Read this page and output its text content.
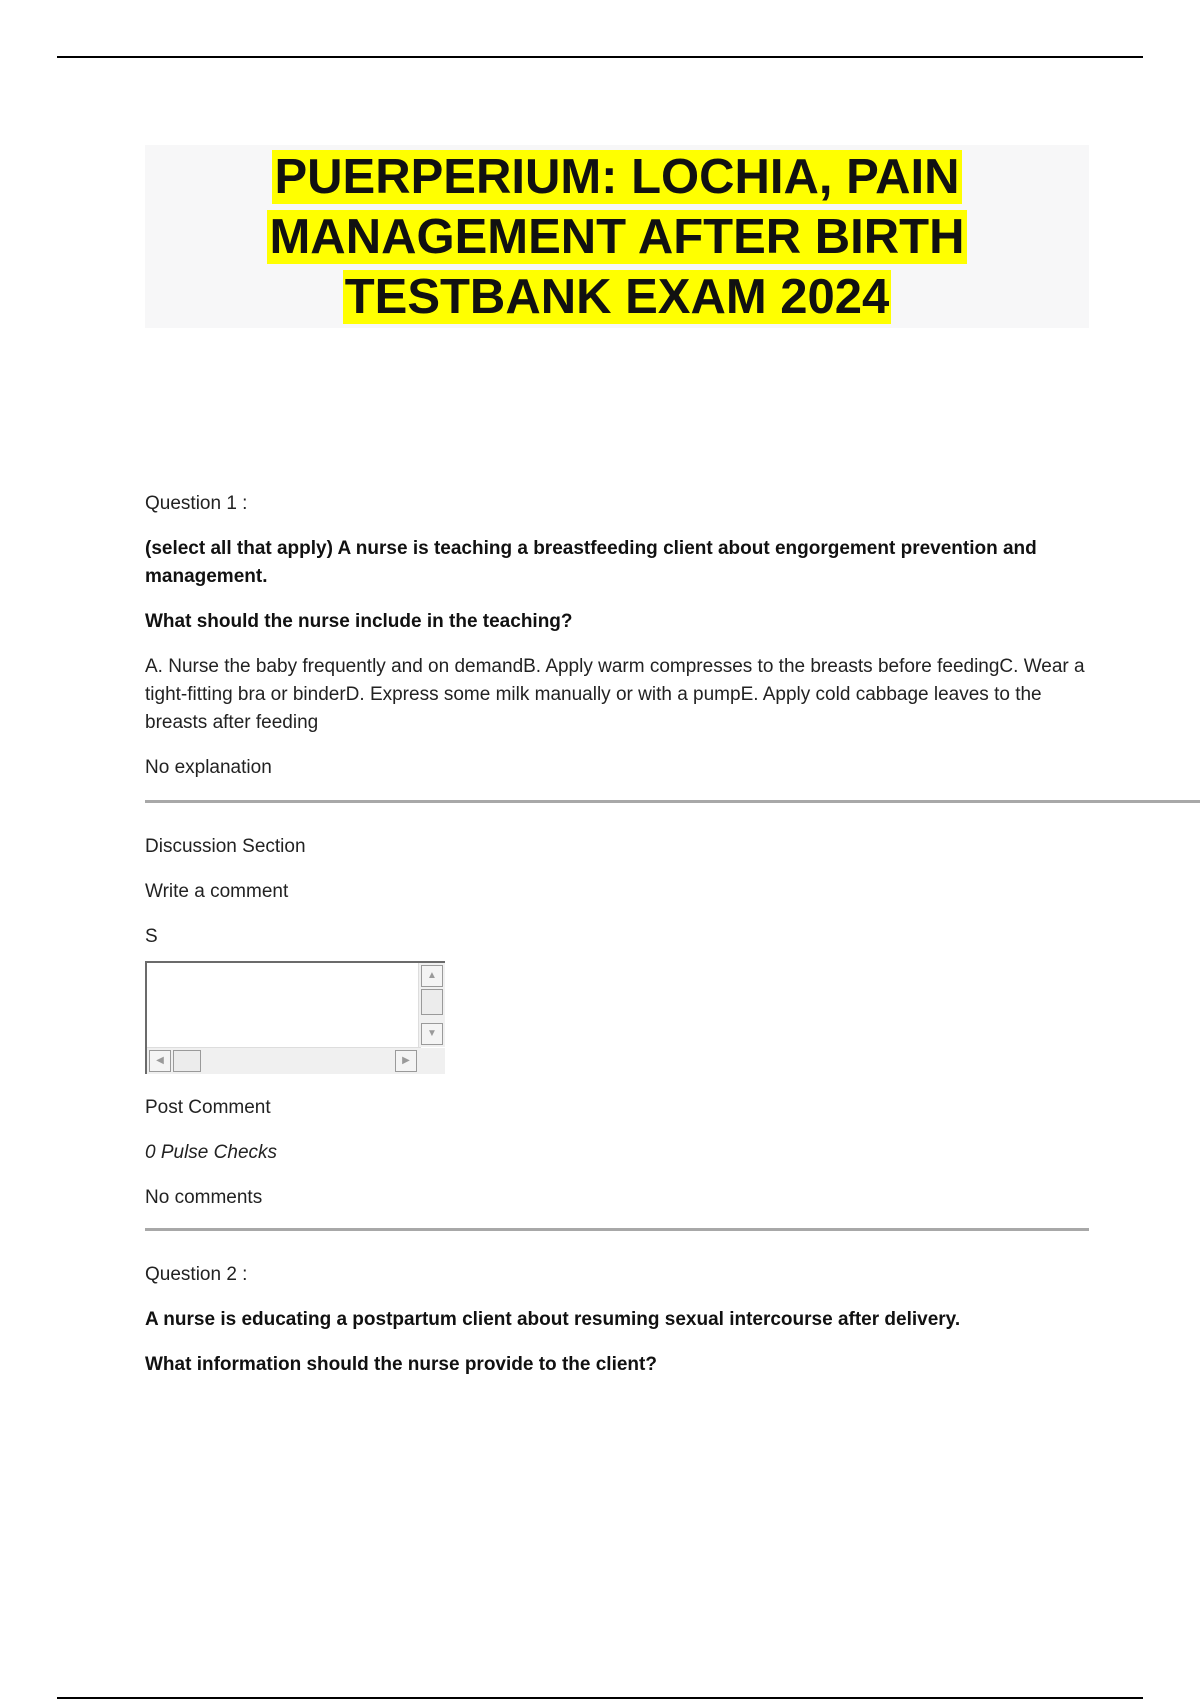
PUERPERIUM: LOCHIA, PAIN
MANAGEMENT AFTER BIRTH
TESTBANK EXAM 2024
Question 1 :
(select all that apply) A nurse is teaching a breastfeeding client about engorgement prevention and management.
What should the nurse include in the teaching?
A. Nurse the baby frequently and on demandB. Apply warm compresses to the breasts before feedingC. Wear a tight-fitting bra or binderD. Express some milk manually or with a pumpE. Apply cold cabbage leaves to the breasts after feeding
No explanation
Discussion Section
Write a comment
S
▲
▼
◀	▶
Post Comment
0 Pulse Checks
No comments
Question 2 :
A nurse is educating a postpartum client about resuming sexual intercourse after delivery.
What information should the nurse provide to the client?
